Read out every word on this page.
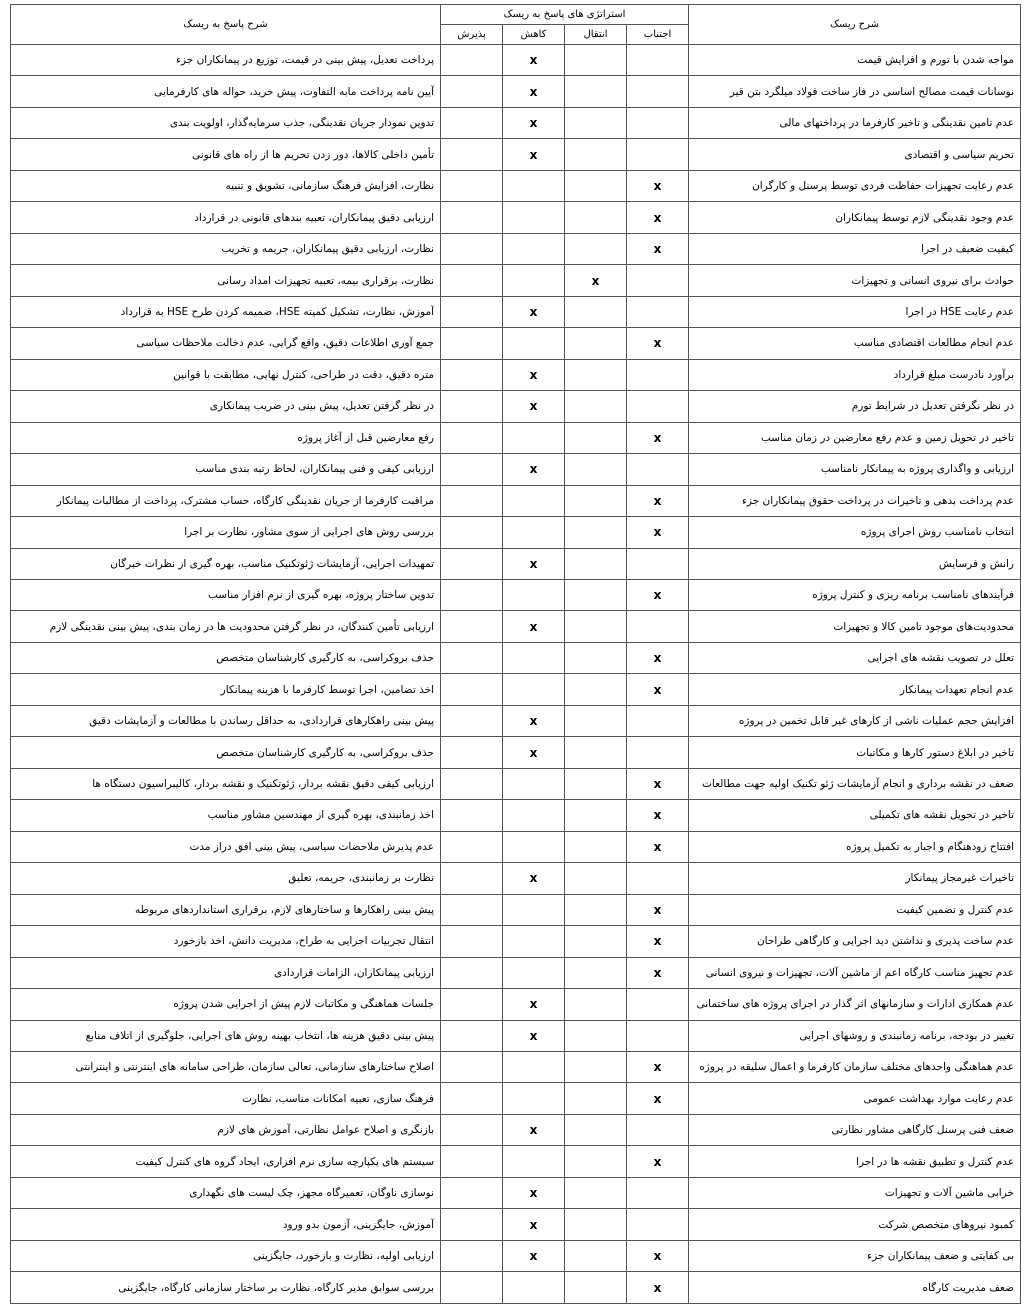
شرح ریسک	استراتژی های پاسخ به ریسک				شرح پاسخ به ریسک
	اجتناب	انتقال	کاهش	پذیرش	
مواجه شدن با تورم و افزایش قیمت			x		پرداخت تعدیل، پیش بینی در قیمت، توزیع در پیمانکاران جزء
نوسانات قیمت مصالح اساسی در فاز ساخت فولاد میلگرد بتن قیر			x		آیین نامه پرداخت مابه التفاوت، پیش خرید، حواله های کارفرمایی
عدم تامین نقدینگی و تاخیر کارفرما در پرداختهای مالی			x		تدوین نمودار جریان نقدینگی، جذب سرمایه‌گذار، اولویت بندی
تحریم سیاسی و اقتصادی			x		تأمین داخلی کالاها، دور زدن تحریم ها از راه های قانونی
عدم رعایت تجهیزات حفاظت فردی توسط پرسنل و کارگران	x				نظارت، افزایش فرهنگ سازمانی، تشویق و تنبیه
عدم وجود نقدینگی لازم توسط پیمانکاران	x				ارزیابی دقیق پیمانکاران، تعبیه بندهای قانونی در قرارداد
کیفیت ضعیف در اجرا	x				نظارت، ارزیابی دقیق پیمانکاران، جریمه و تخریب
حوادث برای نیروی انسانی و تجهیزات		x			نظارت، برقراری بیمه، تعبیه تجهیزات امداد رسانی
عدم رعایت HSE در اجرا			x		آموزش، نظارت، تشکیل کمیته HSE، ضمیمه کردن طرح HSE به قرارداد
عدم انجام مطالعات اقتصادی مناسب	x				جمع آوری اطلاعات دقیق، واقع گرایی، عدم دخالت ملاحظات سیاسی
برآورد نادرست مبلغ قرارداد			x		متره دقیق، دقت در طراحی، کنترل نهایی، مطابقت با قوانین
در نظر نگرفتن تعدیل در شرایط تورم			x		در نظر گرفتن تعدیل، پیش بینی در ضریب پیمانکاری
تاخیر در تحویل زمین و عدم رفع معارضین در زمان مناسب	x				رفع معارضین قبل از آغاز پروژه
ارزیابی و واگذاری پروژه به پیمانکار نامناسب			x		ارزیابی کیفی و فنی پیمانکاران، لحاظ رتبه بندی مناسب
عدم پرداخت بدهی و تاخیرات در پرداخت حقوق پیمانکاران جزء	x				مراقبت کارفرما از جریان نقدینگی کارگاه، حساب مشترک، پرداخت از مطالبات پیمانکار
انتخاب نامناسب روش اجرای پروژه	x				بررسی روش های اجرایی از سوی مشاور، نظارت بر اجرا
رانش و فرسایش			x		تمهیدات اجرایی، آزمایشات ژئوتکنیک مناسب، بهره گیری از نظرات خبرگان
فرآیندهای نامناسب برنامه ریزی و کنترل پروژه	x				تدوین ساختار پروژه، بهره گیری از نرم افزار مناسب
محدودیت‌های موجود تامین کالا و تجهیزات			x		ارزیابی تأمین کنندگان، در نظر گرفتن محدودیت ها در زمان بندی، پیش بینی نقدینگی لازم
تعلل در تصویب نقشه های اجرایی	x				حذف بروکراسی، به کارگیری کارشناسان متخصص
عدم انجام تعهدات پیمانکار	x				اخذ تضامین، اجرا توسط کارفرما با هزینه پیمانکار
افزایش حجم عملیات ناشی از کارهای غیر قابل تخمین در پروژه			x		پیش بینی راهکارهای قراردادی، به حداقل رساندن با مطالعات و آزمایشات دقیق
تاخیر در ابلاغ دستور کارها و مکاتبات			x		حذف بروکراسی، به کارگیری کارشناسان متخصص
ضعف در نقشه برداری و انجام آزمایشات ژئو تکنیک اولیه جهت مطالعات	x				ارزیابی کیفی دقیق نقشه بردار، ژئوتکنیک و نقشه بردار، کالیبراسیون دستگاه ها
تاخیر در تحویل نقشه های تکمیلی	x				اخذ زمانبندی، بهره گیری از مهندسین مشاور مناسب
افتتاح زودهنگام و اجبار به تکمیل پروژه	x				عدم پذیرش ملاحضات سیاسی، پیش بینی افق دراز مدت
تاخیرات غیرمجاز پیمانکار			x		نظارت بر زمانبندی، جریمه، تعلیق
عدم کنترل و تضمین کیفیت	x				پیش بینی راهکارها و ساختارهای لازم، برقراری استانداردهای مربوطه
عدم ساخت پذیری و نداشتن دید اجرایی و کارگاهی طراحان	x				انتقال تجربیات اجرایی به طراح، مدیریت دانش، اخذ بازخورد
عدم تجهیز مناسب کارگاه اعم از ماشین آلات، تجهیزات و نیروی انسانی	x				ارزیابی پیمانکاران، الزامات قراردادی
عدم همکاری ادارات و سازمانهای اثر گذار در اجرای پروژه های ساختمانی			x		جلسات هماهنگی و مکاتبات لازم پیش از اجرایی شدن پروژه
تغییر در بودجه، برنامه زمانبندی و روشهای اجرایی			x		پیش بینی دقیق هزینه ها، انتخاب بهینه روش های اجرایی، جلوگیری از اتلاف منابع
عدم هماهنگی واحدهای مختلف سازمان کارفرما و اعمال سلیقه در پروژه	x				اصلاح ساختارهای سازمانی، تعالی سازمان، طراحی سامانه های اینترنتی و اینترانتی
عدم رعایت موارد بهداشت عمومی	x				فرهنگ سازی، تعبیه امکانات مناسب، نظارت
ضعف فنی پرسنل کارگاهی مشاور نظارتی			x		بازنگری و اصلاح عوامل نظارتی، آموزش های لازم
عدم کنترل و تطبیق نقشه ها در اجرا	x				سیستم های یکپارچه سازی نرم افزاری، ایجاد گروه های کنترل کیفیت
خرابی ماشین آلات و تجهیزات			x		نوسازی ناوگان، تعمیرگاه مجهز، چک لیست های نگهداری
کمبود نیروهای متخصص شرکت			x		آموزش، جایگزینی، آزمون بدو ورود
بی کفایتی و ضعف پیمانکاران جزء	x		x		ارزیابی اولیه، نظارت و بازخورد، جایگزینی
ضعف مدیریت کارگاه	x				بررسی سوابق مدیر کارگاه، نظارت بر ساختار سازمانی کارگاه، جایگزینی
